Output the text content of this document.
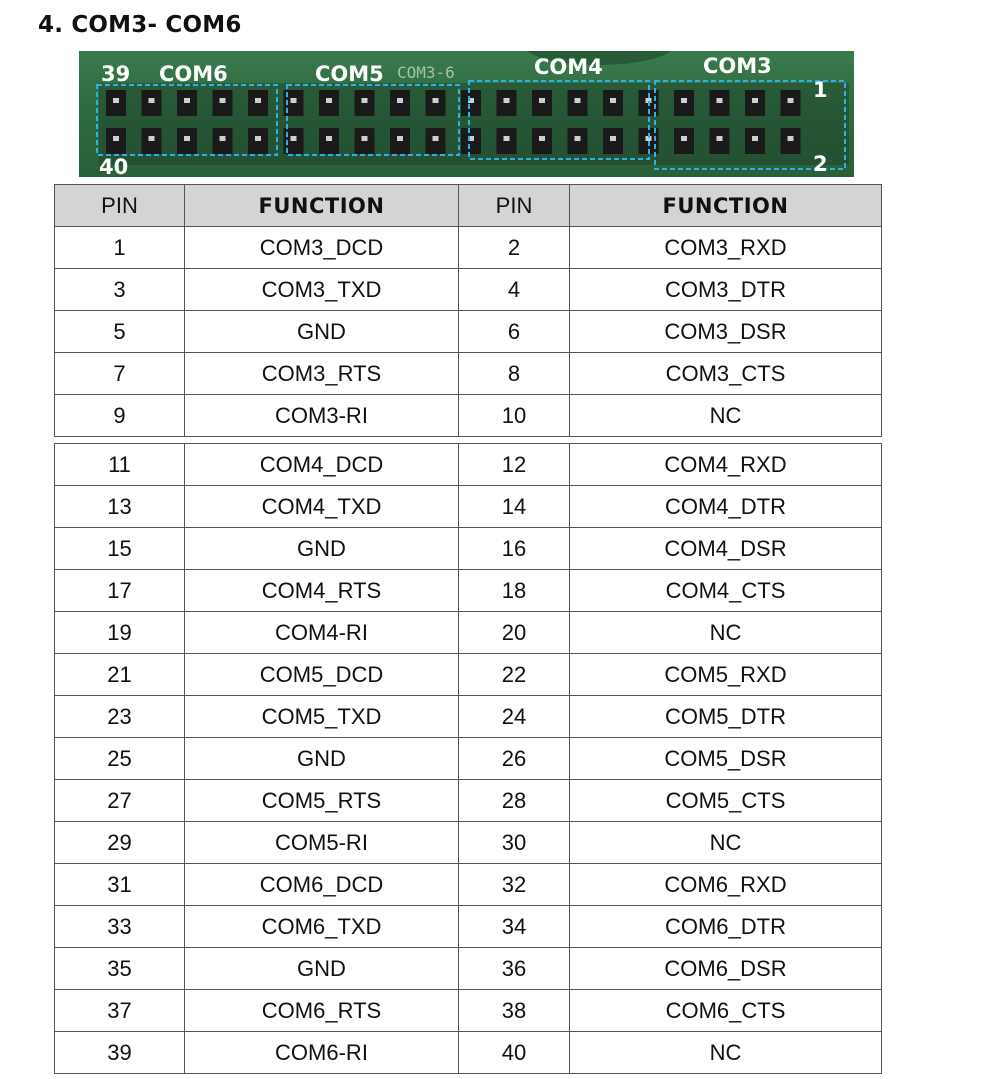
4. COM3- COM6
COM3-6
COM6	COM5	COM4	COM3
39
40
1
2
PIN	FUNCTION	PIN	FUNCTION
1	COM3_DCD	2	COM3_RXD
3	COM3_TXD	4	COM3_DTR
5	GND	6	COM3_DSR
7	COM3_RTS	8	COM3_CTS
9	COM3-RI	10	NC
11	COM4_DCD	12	COM4_RXD
13	COM4_TXD	14	COM4_DTR
15	GND	16	COM4_DSR
17	COM4_RTS	18	COM4_CTS
19	COM4-RI	20	NC
21	COM5_DCD	22	COM5_RXD
23	COM5_TXD	24	COM5_DTR
25	GND	26	COM5_DSR
27	COM5_RTS	28	COM5_CTS
29	COM5-RI	30	NC
31	COM6_DCD	32	COM6_RXD
33	COM6_TXD	34	COM6_DTR
35	GND	36	COM6_DSR
37	COM6_RTS	38	COM6_CTS
39	COM6-RI	40	NC
